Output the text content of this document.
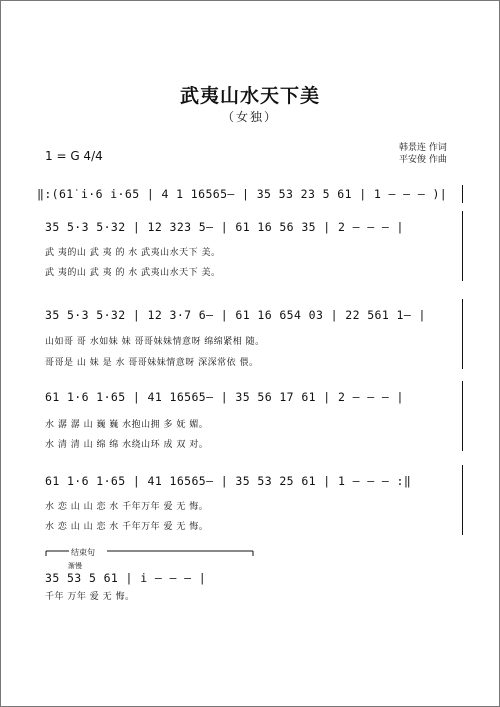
武夷山水天下美
（女独）
1 = G 4/4
韩景连 作词
平安俊 作曲
‖:(6̇1̇ i·6 i·65 | 4 1 16565— | 35 53 23 5 61 | 1 — — — )|
35 5·3 5·32 | 12 323 5— | 61 16 56 35 | 2 — — — |
武 夷的山 武 夷 的 水 武夷山水天下 美。
武 夷的山 武 夷 的 水 武夷山水天下 美。
35 5·3 5·32 | 12 3·7 6— | 61 16 654 03 | 22 561 1— |
山如哥 哥 水如妹 妹 哥哥妹妹情意呀 绵绵紧相 随。
哥哥是 山 妹 是 水 哥哥妹妹情意呀 深深常依 偎。
61 1·6 1·65 | 41 16565— | 35 56 17 61 | 2 — — — |
水 潺 潺 山 巍 巍 水抱山拥 多 妩 媚。
水 清 清 山 绵 绵 水绕山环 成 双 对。
61 1·6 1·65 | 41 16565— | 35 53 25 61 | 1 — — — :‖
水 恋 山 山 恋 水 千年万年 爱 无 悔。
水 恋 山 山 恋 水 千年万年 爱 无 悔。
结束句
渐慢
35 53 5 61 | i — — — |
千年 万年 爱 无 悔。
